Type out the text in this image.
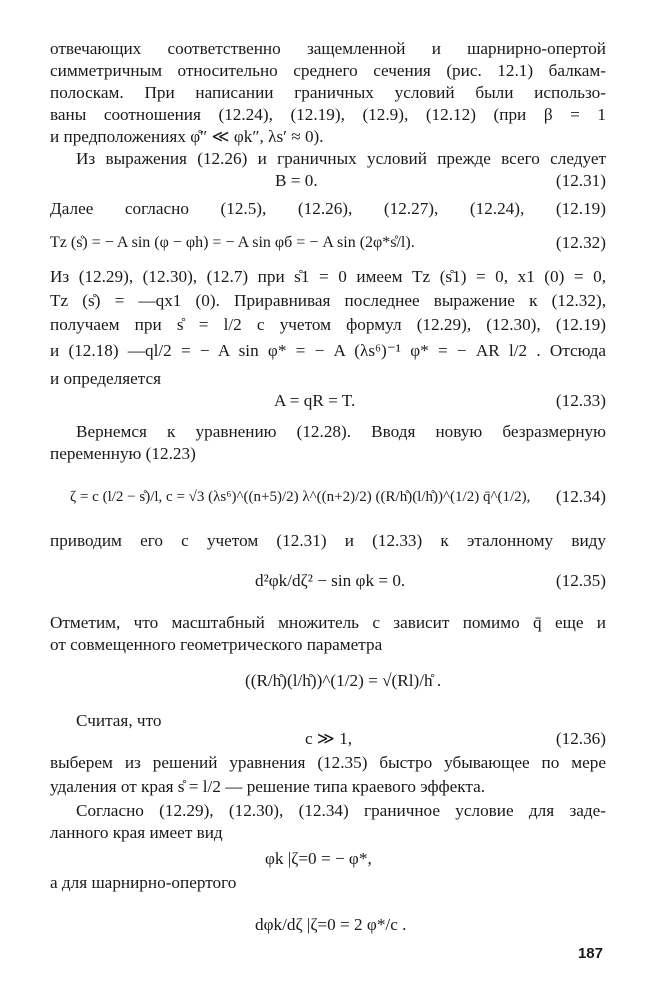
отвечающих соответственно защемленной и шарнирно-опертой
симметричным относительно среднего сечения (рис. 12.1) балкам-
полоскам. При написании граничных условий были использо-
ваны соотношения (12.24), (12.19), (12.9), (12.12) (при β = 1
и предположениях φ̊″ ≪ φk″, λs′ ≈ 0).
Из выражения (12.26) и граничных условий прежде всего следует
B = 0.	(12.31)
Далее согласно (12.5), (12.26), (12.27), (12.24), (12.19)
Tz (s̊) = − A sin (φ − φh) = − A sin φб = − A sin (2φ*s̊/l).	(12.32)
Из (12.29), (12.30), (12.7) при s̊1 = 0 имеем Tz (s̊1) = 0, x1 (0) = 0,
Tz (s̊) = —qx1 (0). Приравнивая последнее выражение к (12.32),
получаем при s̊ = l/2 с учетом формул (12.29), (12.30), (12.19)
и (12.18) —ql/2 = − A sin φ* = − A (λs⁶)⁻¹ φ* = − AR l/2 . Отсюда
и определяется
A = qR = T.	(12.33)
Вернемся к уравнению (12.28). Вводя новую безразмерную
переменную (12.23)
ζ = c (l/2 − s̊)/l, c = √3 (λs⁶)^((n+5)/2) λ^((n+2)/2) ((R/h̊)(l/h̊))^(1/2) q̄^(1/2), (12.34)
приводим его с учетом (12.31) и (12.33) к эталонному виду
d²φk/dζ² − sin φk = 0.	(12.35)
Отметим, что масштабный множитель c зависит помимо q̄ еще и
от совмещенного геометрического параметра
((R/h̊)(l/h̊))^(1/2) = √(Rl)/h̊ .
Считая, что
c ≫ 1,	(12.36)
выберем из решений уравнения (12.35) быстро убывающее по мере
удаления от края s̊ = l/2 — решение типа краевого эффекта.
Согласно (12.29), (12.30), (12.34) граничное условие для заде-
ланного края имеет вид
φk |ζ=0 = − φ*,
а для шарнирно-опертого
dφk/dζ |ζ=0 = 2 φ*/c .
187
